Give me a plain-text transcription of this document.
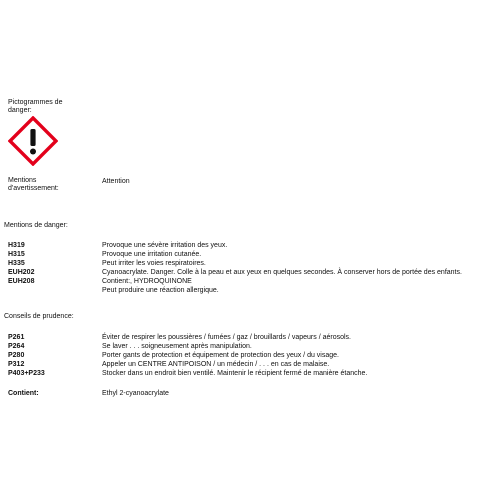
Pictogrammes de
danger:
Mentions
d'avertissement:
Attention
Mentions de danger:
H319	Provoque une sévère irritation des yeux.
H315	Provoque une irritation cutanée.
H335	Peut irriter les voies respiratoires.
EUH202	Cyanoacrylate. Danger. Colle à la peau et aux yeux en quelques secondes. À conserver hors de portée des enfants.
EUH208	Contient:, HYDROQUINONE
Peut produire une réaction allergique.
Conseils de prudence:
P261	Éviter de respirer les poussières / fumées / gaz / brouillards / vapeurs / aérosols.
P264	Se laver . . . soigneusement après manipulation.
P280	Porter gants de protection et équipement de protection des yeux / du visage.
P312	Appeler un CENTRE ANTIPOISON / un médecin / . . . en cas de malaise.
P403+P233	Stocker dans un endroit bien ventilé. Maintenir le récipient fermé de manière étanche.
Contient:	Ethyl 2-cyanoacrylate
